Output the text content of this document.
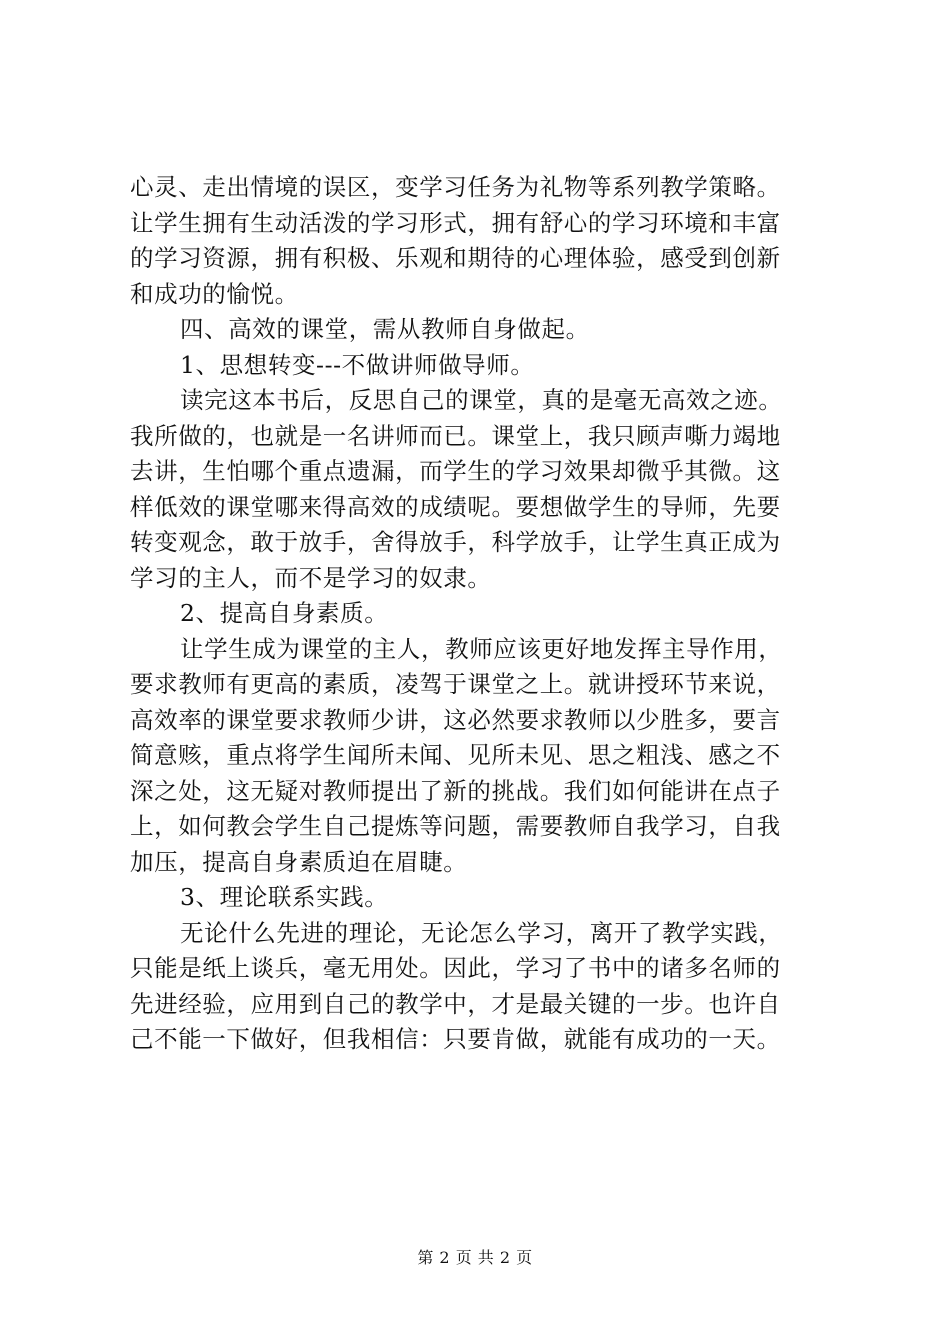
心灵、走出情境的误区，变学习任务为礼物等系列教学策略。
让学生拥有生动活泼的学习形式，拥有舒心的学习环境和丰富
的学习资源，拥有积极、乐观和期待的心理体验，感受到创新
和成功的愉悦。
四、高效的课堂，需从教师自身做起。
1、思想转变---不做讲师做导师。
读完这本书后，反思自己的课堂，真的是毫无高效之迹。
我所做的，也就是一名讲师而已。课堂上，我只顾声嘶力竭地
去讲，生怕哪个重点遗漏，而学生的学习效果却微乎其微。这
样低效的课堂哪来得高效的成绩呢。要想做学生的导师，先要
转变观念，敢于放手，舍得放手，科学放手，让学生真正成为
学习的主人，而不是学习的奴隶。
2、提高自身素质。
让学生成为课堂的主人，教师应该更好地发挥主导作用，
要求教师有更高的素质，凌驾于课堂之上。就讲授环节来说，
高效率的课堂要求教师少讲，这必然要求教师以少胜多，要言
简意赅，重点将学生闻所未闻、见所未见、思之粗浅、感之不
深之处，这无疑对教师提出了新的挑战。我们如何能讲在点子
上，如何教会学生自己提炼等问题，需要教师自我学习，自我
加压，提高自身素质迫在眉睫。
3、理论联系实践。
无论什么先进的理论，无论怎么学习，离开了教学实践，
只能是纸上谈兵，毫无用处。因此，学习了书中的诸多名师的
先进经验，应用到自己的教学中，才是最关键的一步。也许自
己不能一下做好，但我相信：只要肯做，就能有成功的一天。
第 2 页 共 2 页
